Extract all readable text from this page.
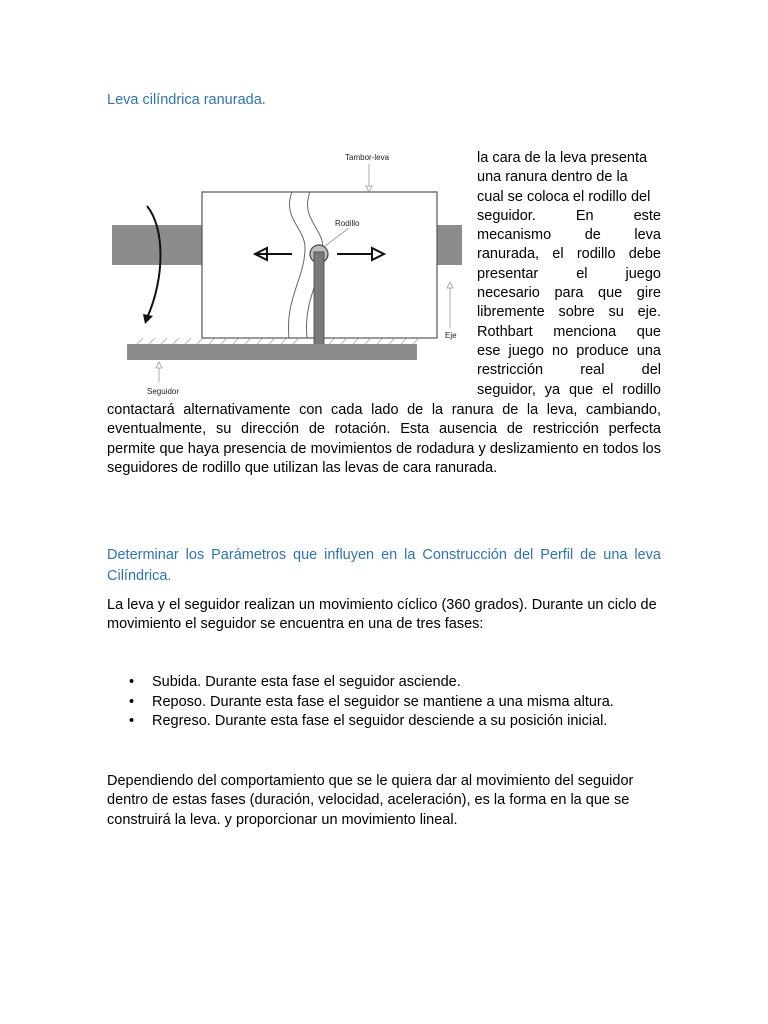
Leva cilíndrica ranurada.
Tambor-leva
Rodillo
Eje
Seguidor

la cara de la leva presenta

una ranura dentro de la

cual se coloca el rodillo del

seguidor. En este

mecanismo de leva

ranurada, el rodillo debe

presentar el juego

necesario para que gire

libremente sobre su eje.

Rothbart menciona que

ese juego no produce una

restricción real del

seguidor, ya que el rodillo

contactará alternativamente con cada lado de la ranura de la leva, cambiando, eventualmente, su dirección de rotación. Esta ausencia de restricción perfecta permite que haya presencia de movimientos de rodadura y deslizamiento en todos los seguidores de rodillo que utilizan las levas de cara ranurada.

Determinar los Parámetros que influyen en la Construcción del Perfil de una leva Cilíndrica.

La leva y el seguidor realizan un movimiento cíclico (360 grados). Durante un ciclo de movimiento el seguidor se encuentra en una de tres fases:

• Subida. Durante esta fase el seguidor asciende.
• Reposo. Durante esta fase el seguidor se mantiene a una misma altura.
• Regreso. Durante esta fase el seguidor desciende a su posición inicial.

Dependiendo del comportamiento que se le quiera dar al movimiento del seguidor dentro de estas fases (duración, velocidad, aceleración), es la forma en la que se construirá la leva. y proporcionar un movimiento lineal.
